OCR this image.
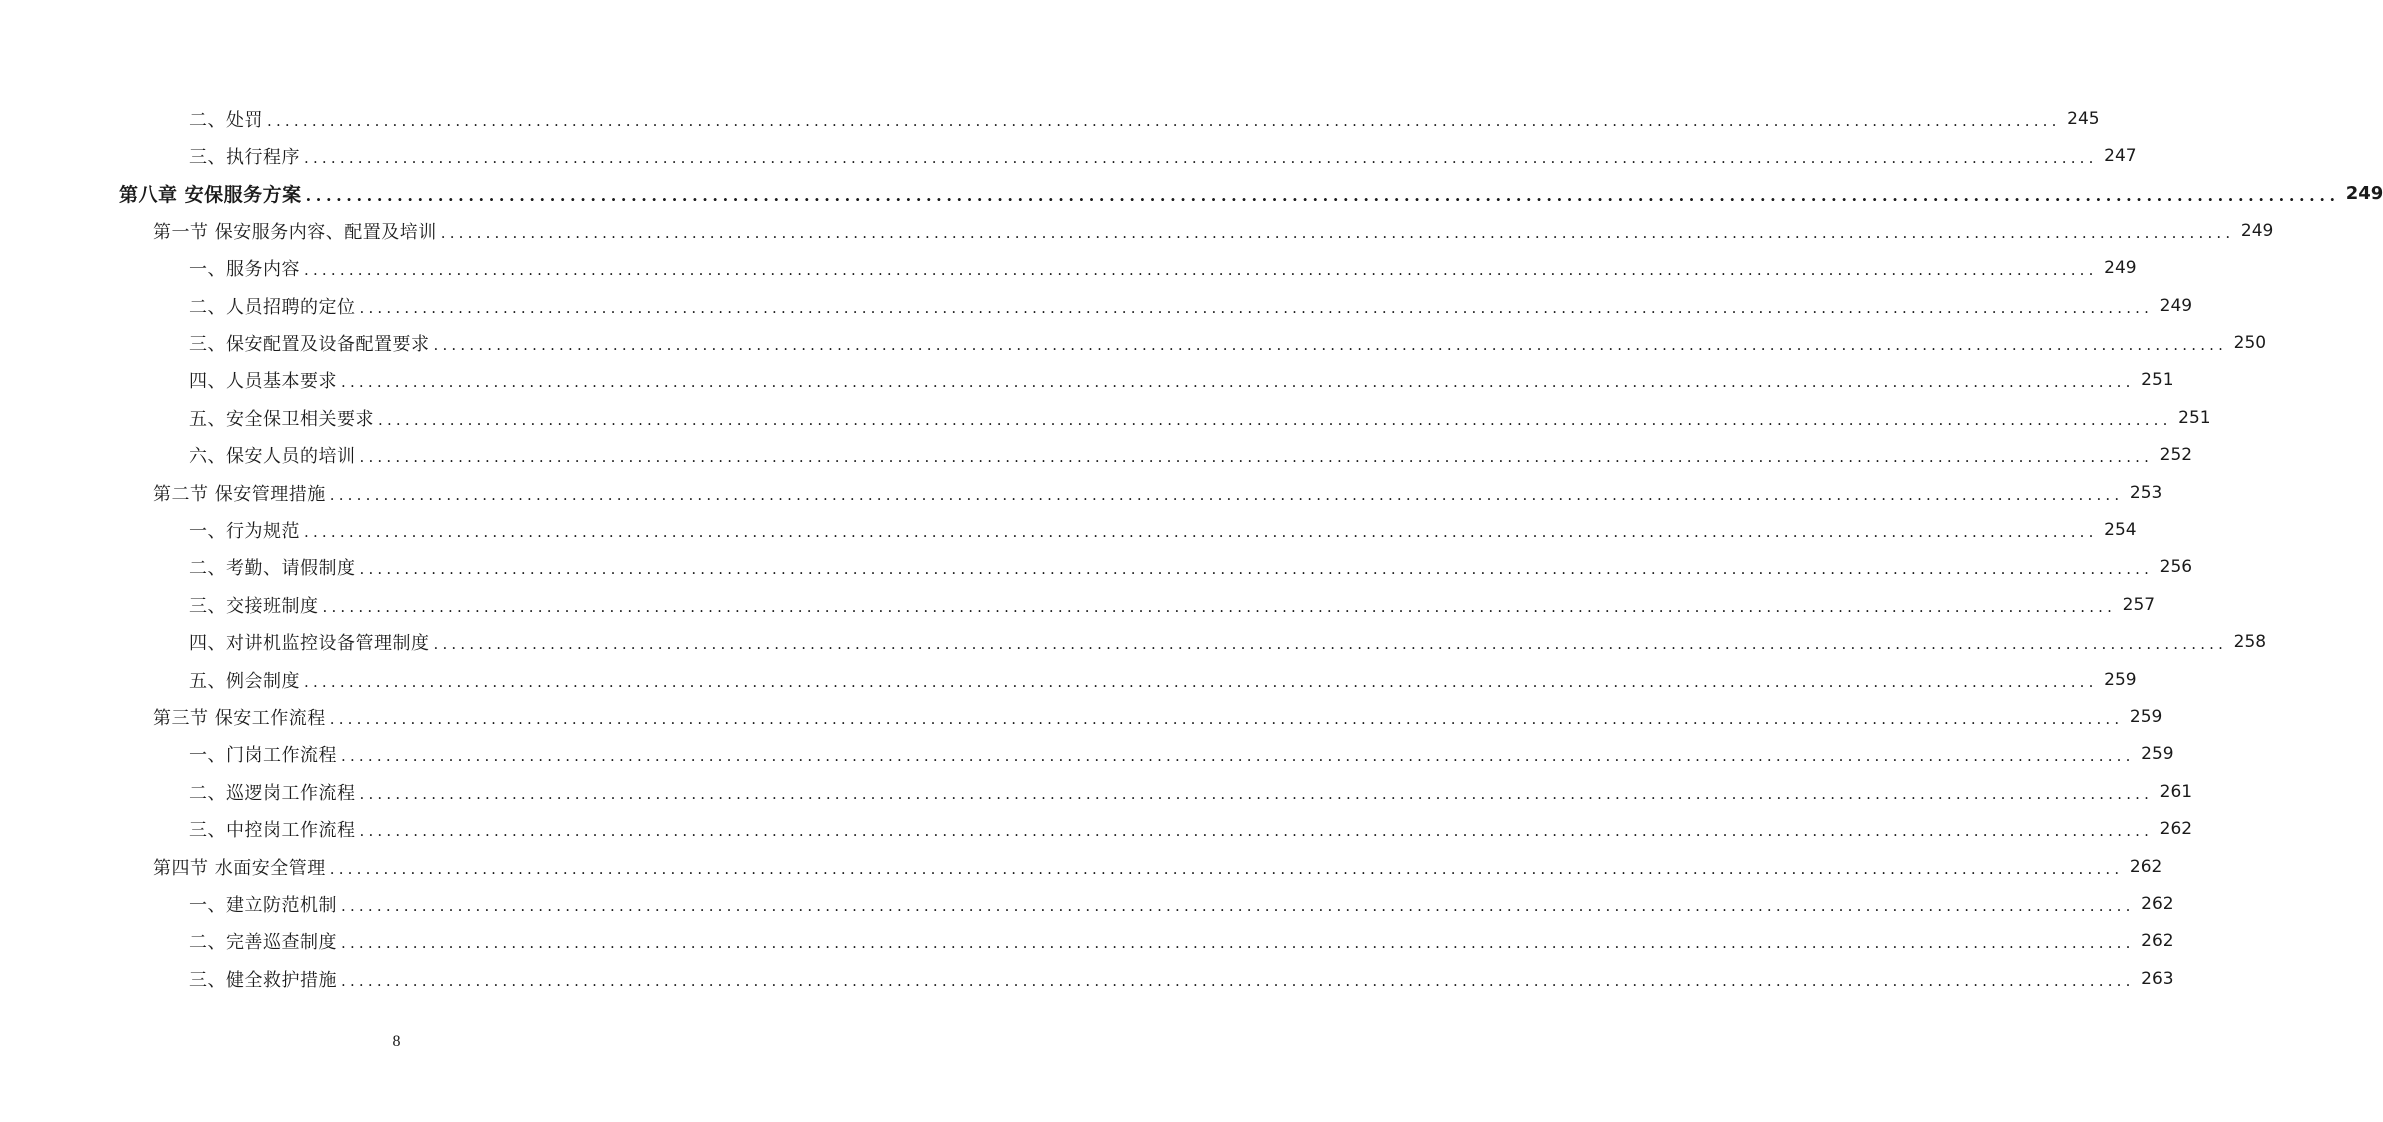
二、处罚 ........................................................................................................................................................................................................ 245
三、执行程序 ........................................................................................................................................................................................................ 247
第八章 安保服务方案 ........................................................................................................................................................................................................ 249
第一节 保安服务内容、配置及培训 ........................................................................................................................................................................................................ 249
一、服务内容 ........................................................................................................................................................................................................ 249
二、人员招聘的定位 ........................................................................................................................................................................................................ 249
三、保安配置及设备配置要求 ........................................................................................................................................................................................................ 250
四、人员基本要求 ........................................................................................................................................................................................................ 251
五、安全保卫相关要求 ........................................................................................................................................................................................................ 251
六、保安人员的培训 ........................................................................................................................................................................................................ 252
第二节 保安管理措施 ........................................................................................................................................................................................................ 253
一、行为规范 ........................................................................................................................................................................................................ 254
二、考勤、请假制度 ........................................................................................................................................................................................................ 256
三、交接班制度 ........................................................................................................................................................................................................ 257
四、对讲机监控设备管理制度 ........................................................................................................................................................................................................ 258
五、例会制度 ........................................................................................................................................................................................................ 259
第三节 保安工作流程 ........................................................................................................................................................................................................ 259
一、门岗工作流程 ........................................................................................................................................................................................................ 259
二、巡逻岗工作流程 ........................................................................................................................................................................................................ 261
三、中控岗工作流程 ........................................................................................................................................................................................................ 262
第四节 水面安全管理 ........................................................................................................................................................................................................ 262
一、建立防范机制 ........................................................................................................................................................................................................ 262
二、完善巡查制度 ........................................................................................................................................................................................................ 262
三、健全救护措施 ........................................................................................................................................................................................................ 263
8
